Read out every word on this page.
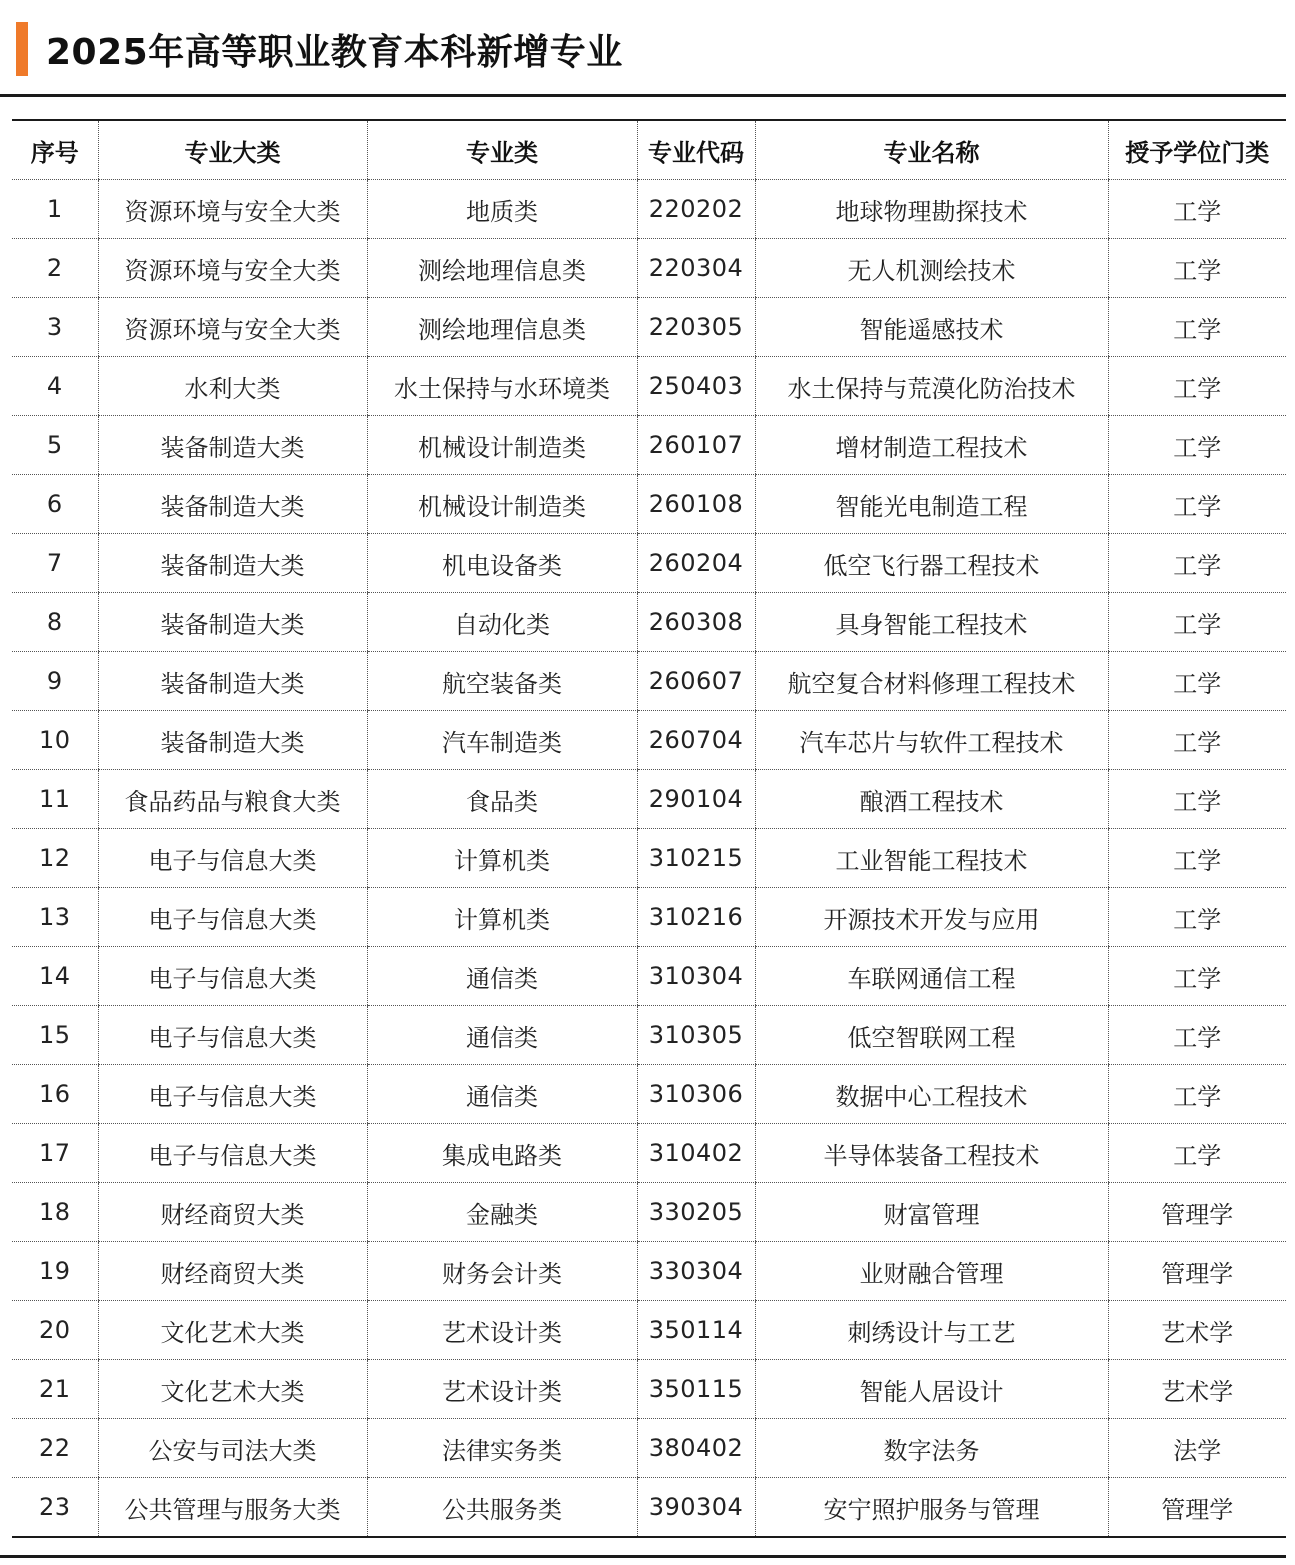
2025年高等职业教育本科新增专业
序号	专业大类	专业类	专业代码	专业名称	授予学位门类
1	资源环境与安全大类	地质类	220202	地球物理勘探技术	工学
2	资源环境与安全大类	测绘地理信息类	220304	无人机测绘技术	工学
3	资源环境与安全大类	测绘地理信息类	220305	智能遥感技术	工学
4	水利大类	水土保持与水环境类	250403	水土保持与荒漠化防治技术	工学
5	装备制造大类	机械设计制造类	260107	增材制造工程技术	工学
6	装备制造大类	机械设计制造类	260108	智能光电制造工程	工学
7	装备制造大类	机电设备类	260204	低空飞行器工程技术	工学
8	装备制造大类	自动化类	260308	具身智能工程技术	工学
9	装备制造大类	航空装备类	260607	航空复合材料修理工程技术	工学
10	装备制造大类	汽车制造类	260704	汽车芯片与软件工程技术	工学
11	食品药品与粮食大类	食品类	290104	酿酒工程技术	工学
12	电子与信息大类	计算机类	310215	工业智能工程技术	工学
13	电子与信息大类	计算机类	310216	开源技术开发与应用	工学
14	电子与信息大类	通信类	310304	车联网通信工程	工学
15	电子与信息大类	通信类	310305	低空智联网工程	工学
16	电子与信息大类	通信类	310306	数据中心工程技术	工学
17	电子与信息大类	集成电路类	310402	半导体装备工程技术	工学
18	财经商贸大类	金融类	330205	财富管理	管理学
19	财经商贸大类	财务会计类	330304	业财融合管理	管理学
20	文化艺术大类	艺术设计类	350114	刺绣设计与工艺	艺术学
21	文化艺术大类	艺术设计类	350115	智能人居设计	艺术学
22	公安与司法大类	法律实务类	380402	数字法务	法学
23	公共管理与服务大类	公共服务类	390304	安宁照护服务与管理	管理学
